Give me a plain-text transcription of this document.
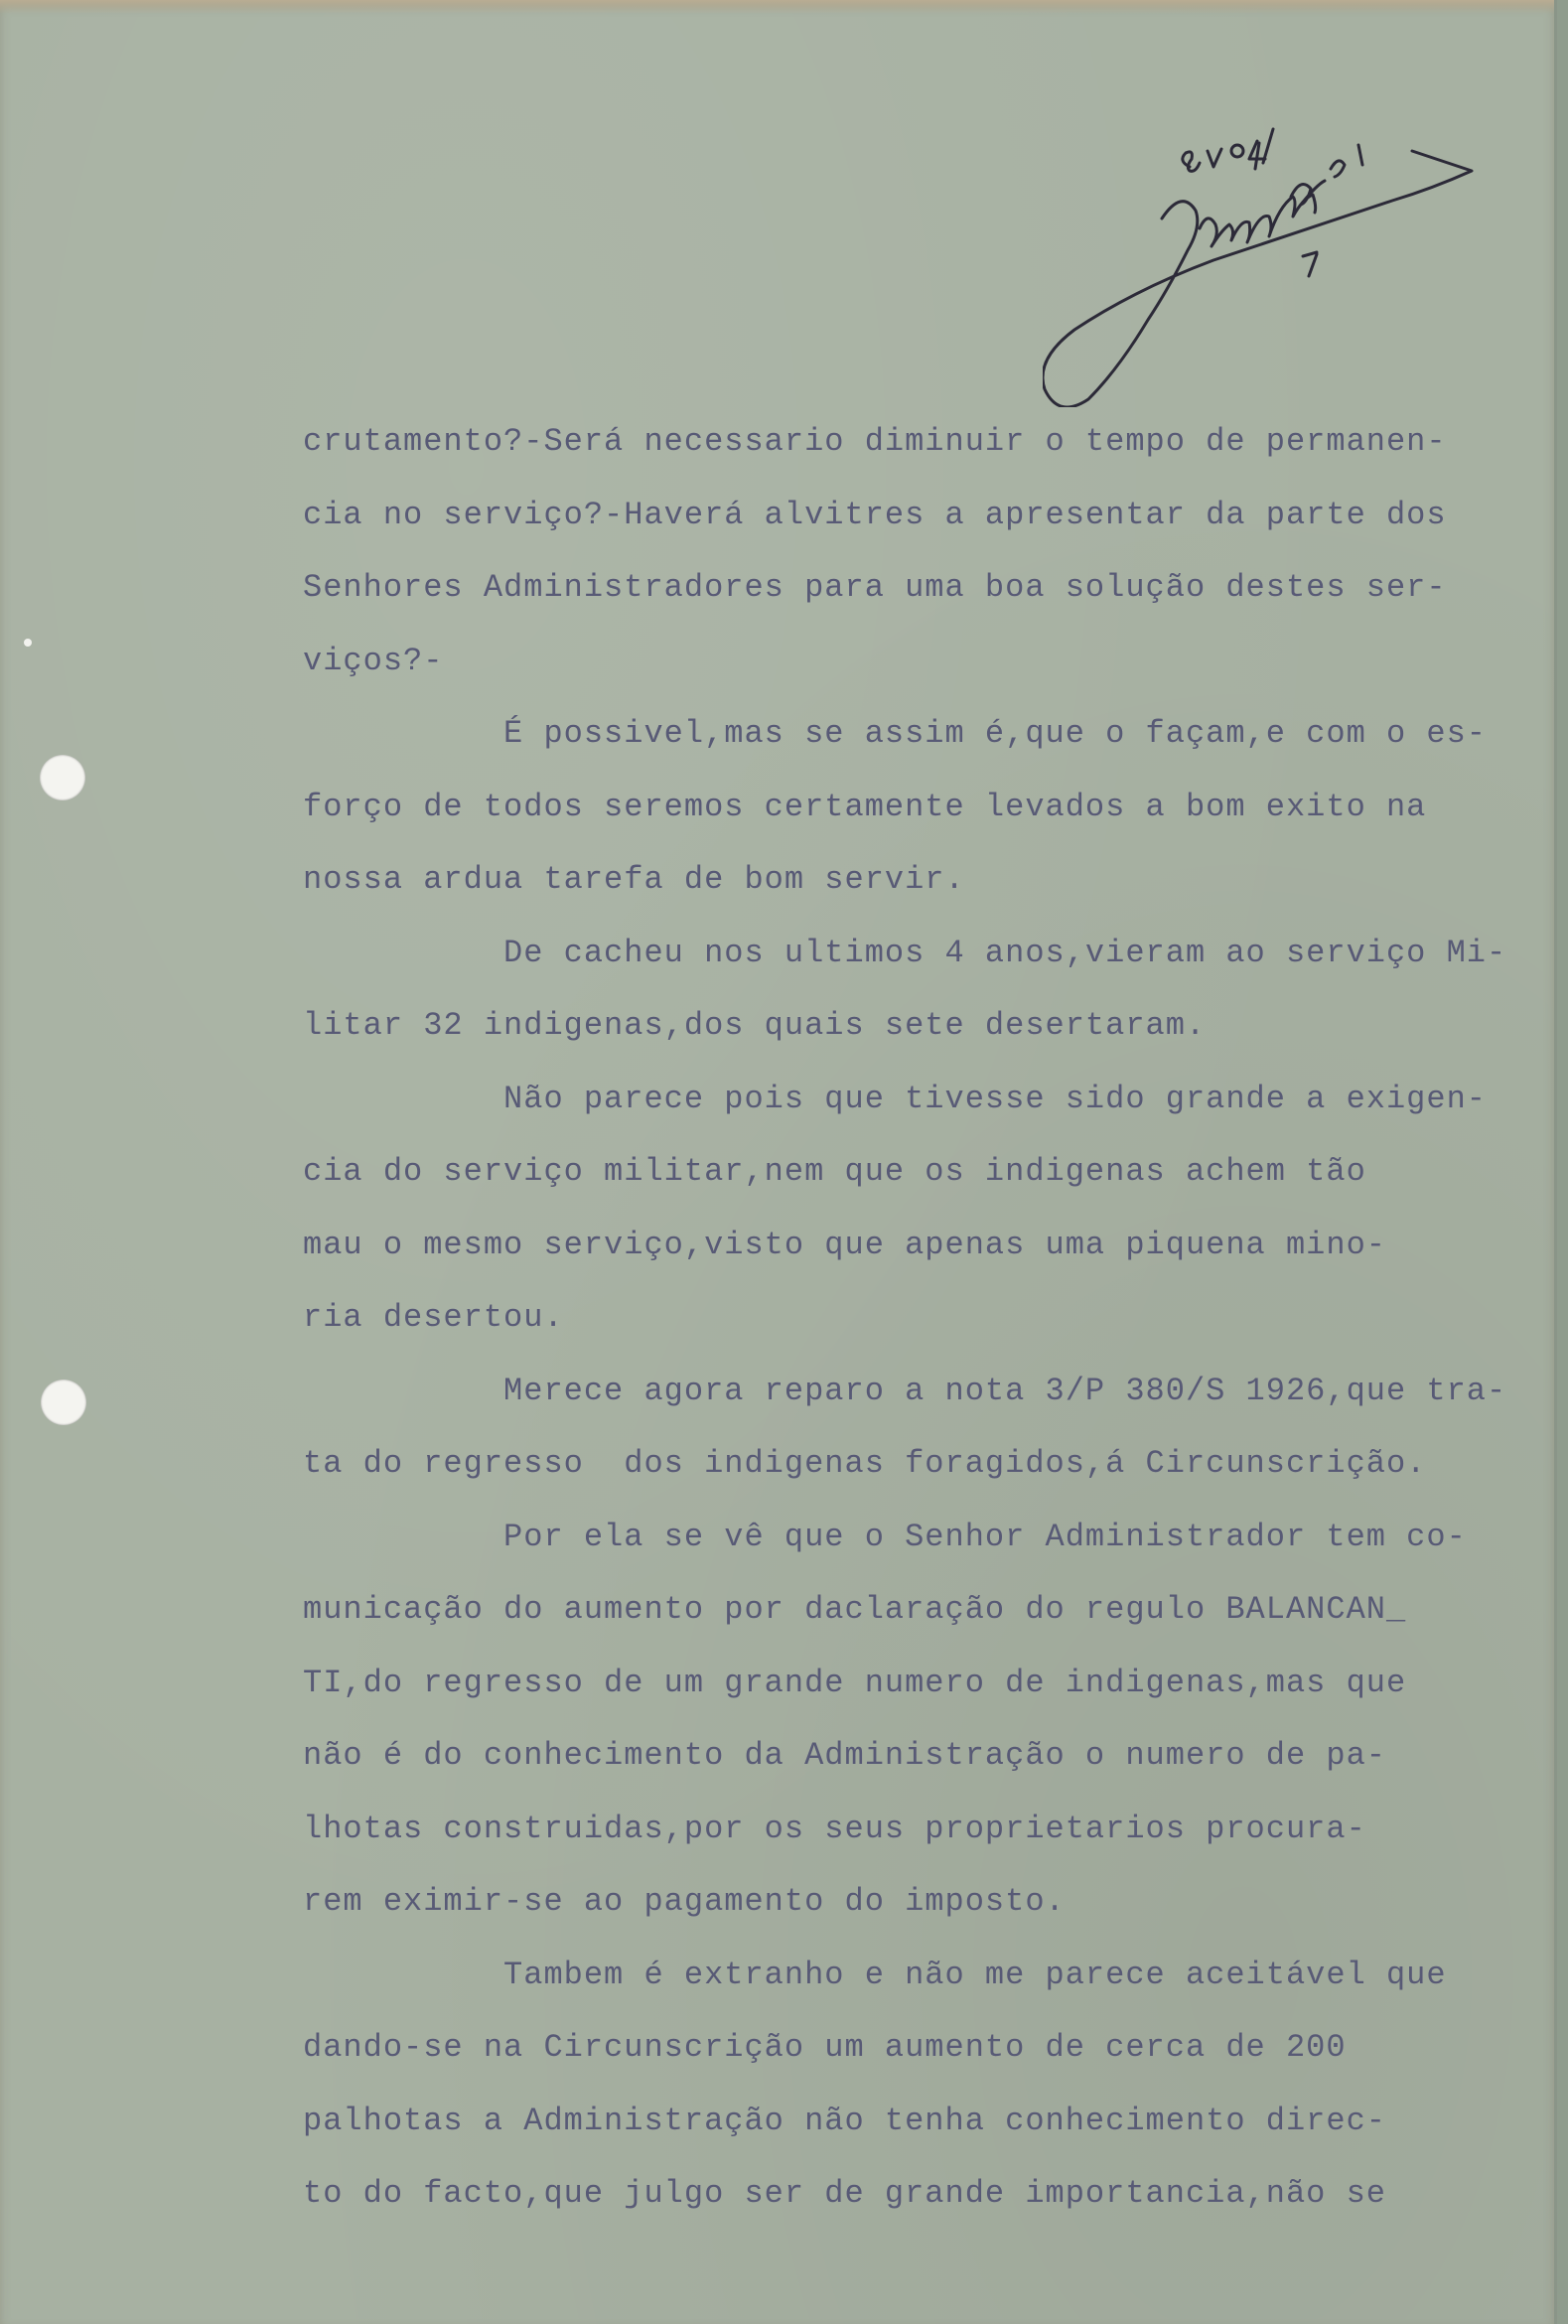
crutamento?-Será necessario diminuir o tempo de permanen-
cia no serviço?-Haverá alvitres a apresentar da parte dos
Senhores Administradores para uma boa solução destes ser-
viços?-
É possivel,mas se assim é,que o façam,e com o es-
forço de todos seremos certamente levados a bom exito na
nossa ardua tarefa de bom servir.
De cacheu nos ultimos 4 anos,vieram ao serviço Mi-
litar 32 indigenas,dos quais sete desertaram.
Não parece pois que tivesse sido grande a exigen-
cia do serviço militar,nem que os indigenas achem tão
mau o mesmo serviço,visto que apenas uma piquena mino-
ria desertou.
Merece agora reparo a nota 3/P 380/S 1926,que tra-
ta do regresso  dos indigenas foragidos,á Circunscrição.
Por ela se vê que o Senhor Administrador tem co-
municação do aumento por daclaração do regulo BALANCAN_
TI,do regresso de um grande numero de indigenas,mas que
não é do conhecimento da Administração o numero de pa-
lhotas construidas,por os seus proprietarios procura-
rem eximir-se ao pagamento do imposto.
Tambem é extranho e não me parece aceitável que
dando-se na Circunscrição um aumento de cerca de 200
palhotas a Administração não tenha conhecimento direc-
to do facto,que julgo ser de grande importancia,não se
